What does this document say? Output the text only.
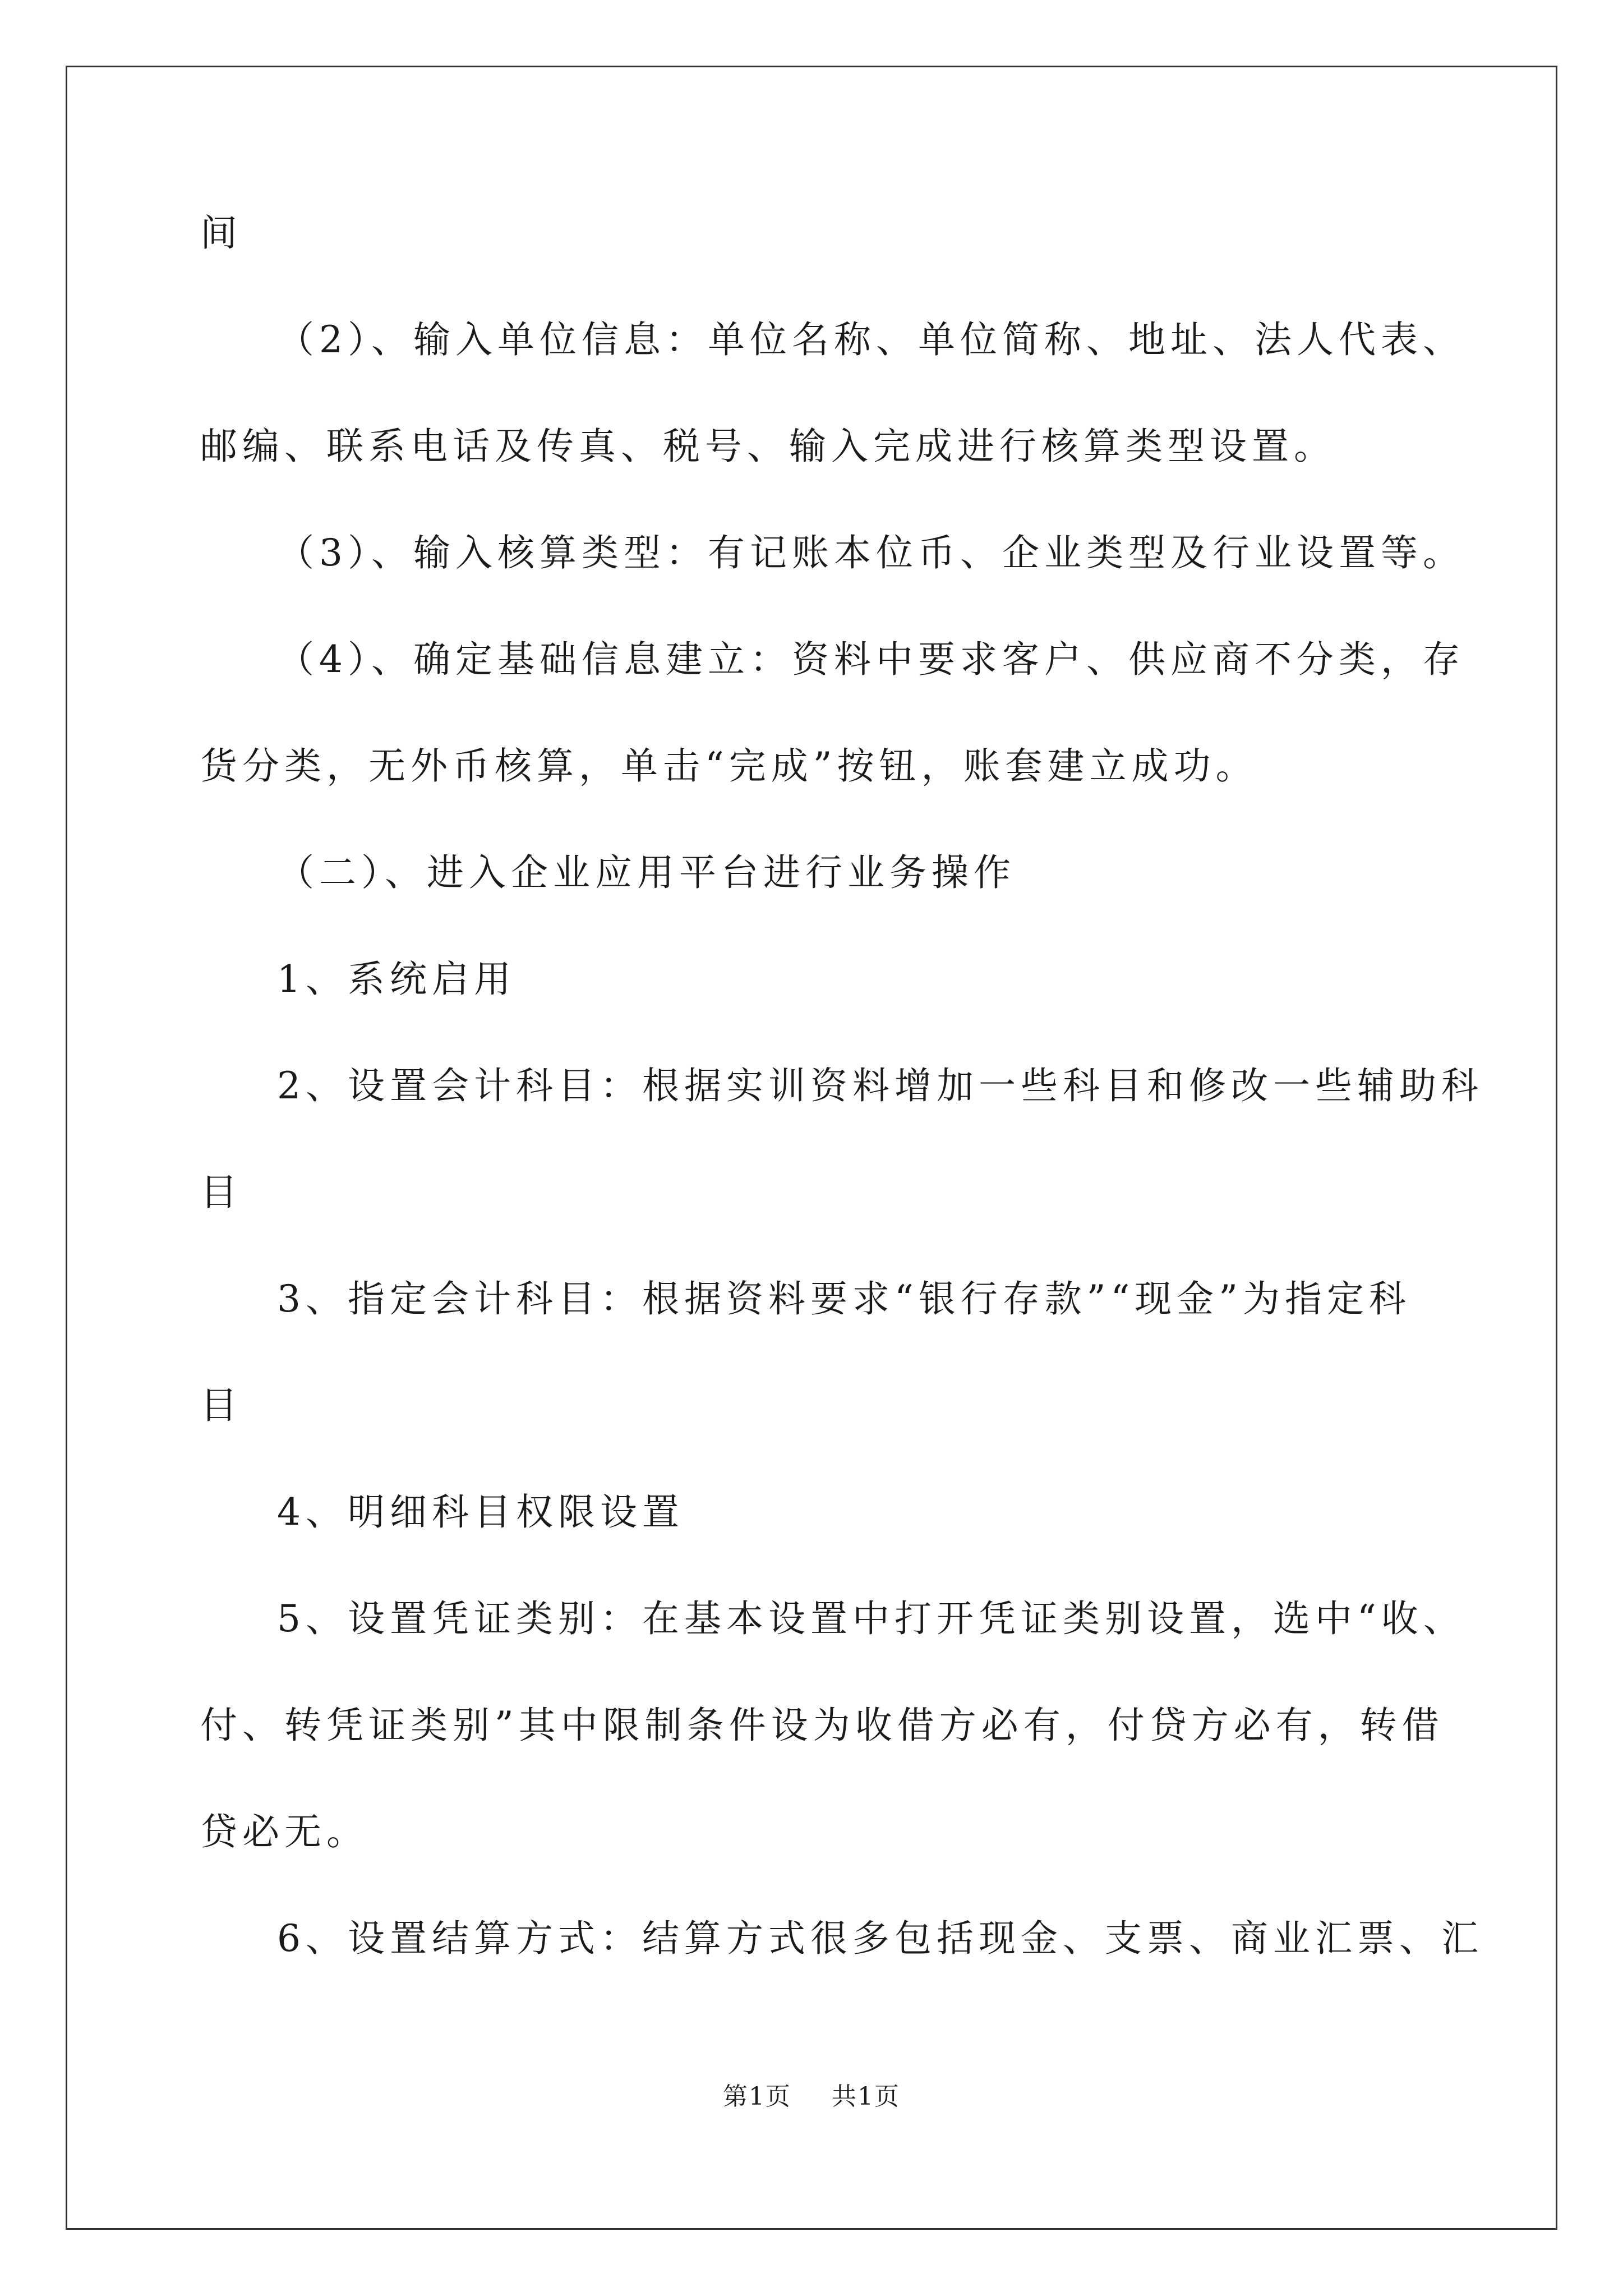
间
（2）、输入单位信息：单位名称、单位简称、地址、法人代表、
邮编、联系电话及传真、税号、输入完成进行核算类型设置。
（3）、输入核算类型：有记账本位币、企业类型及行业设置等。
（4）、确定基础信息建立：资料中要求客户、供应商不分类，存
货分类，无外币核算，单击“完成”按钮，账套建立成功。
（二）、进入企业应用平台进行业务操作
1、系统启用
2、设置会计科目：根据实训资料增加一些科目和修改一些辅助科
目
3、指定会计科目：根据资料要求“银行存款”“现金”为指定科
目
4、明细科目权限设置
5、设置凭证类别：在基本设置中打开凭证类别设置，选中“收、
付、转凭证类别”其中限制条件设为收借方必有，付贷方必有，转借
贷必无。
6、设置结算方式：结算方式很多包括现金、支票、商业汇票、汇
第1页 共1页
